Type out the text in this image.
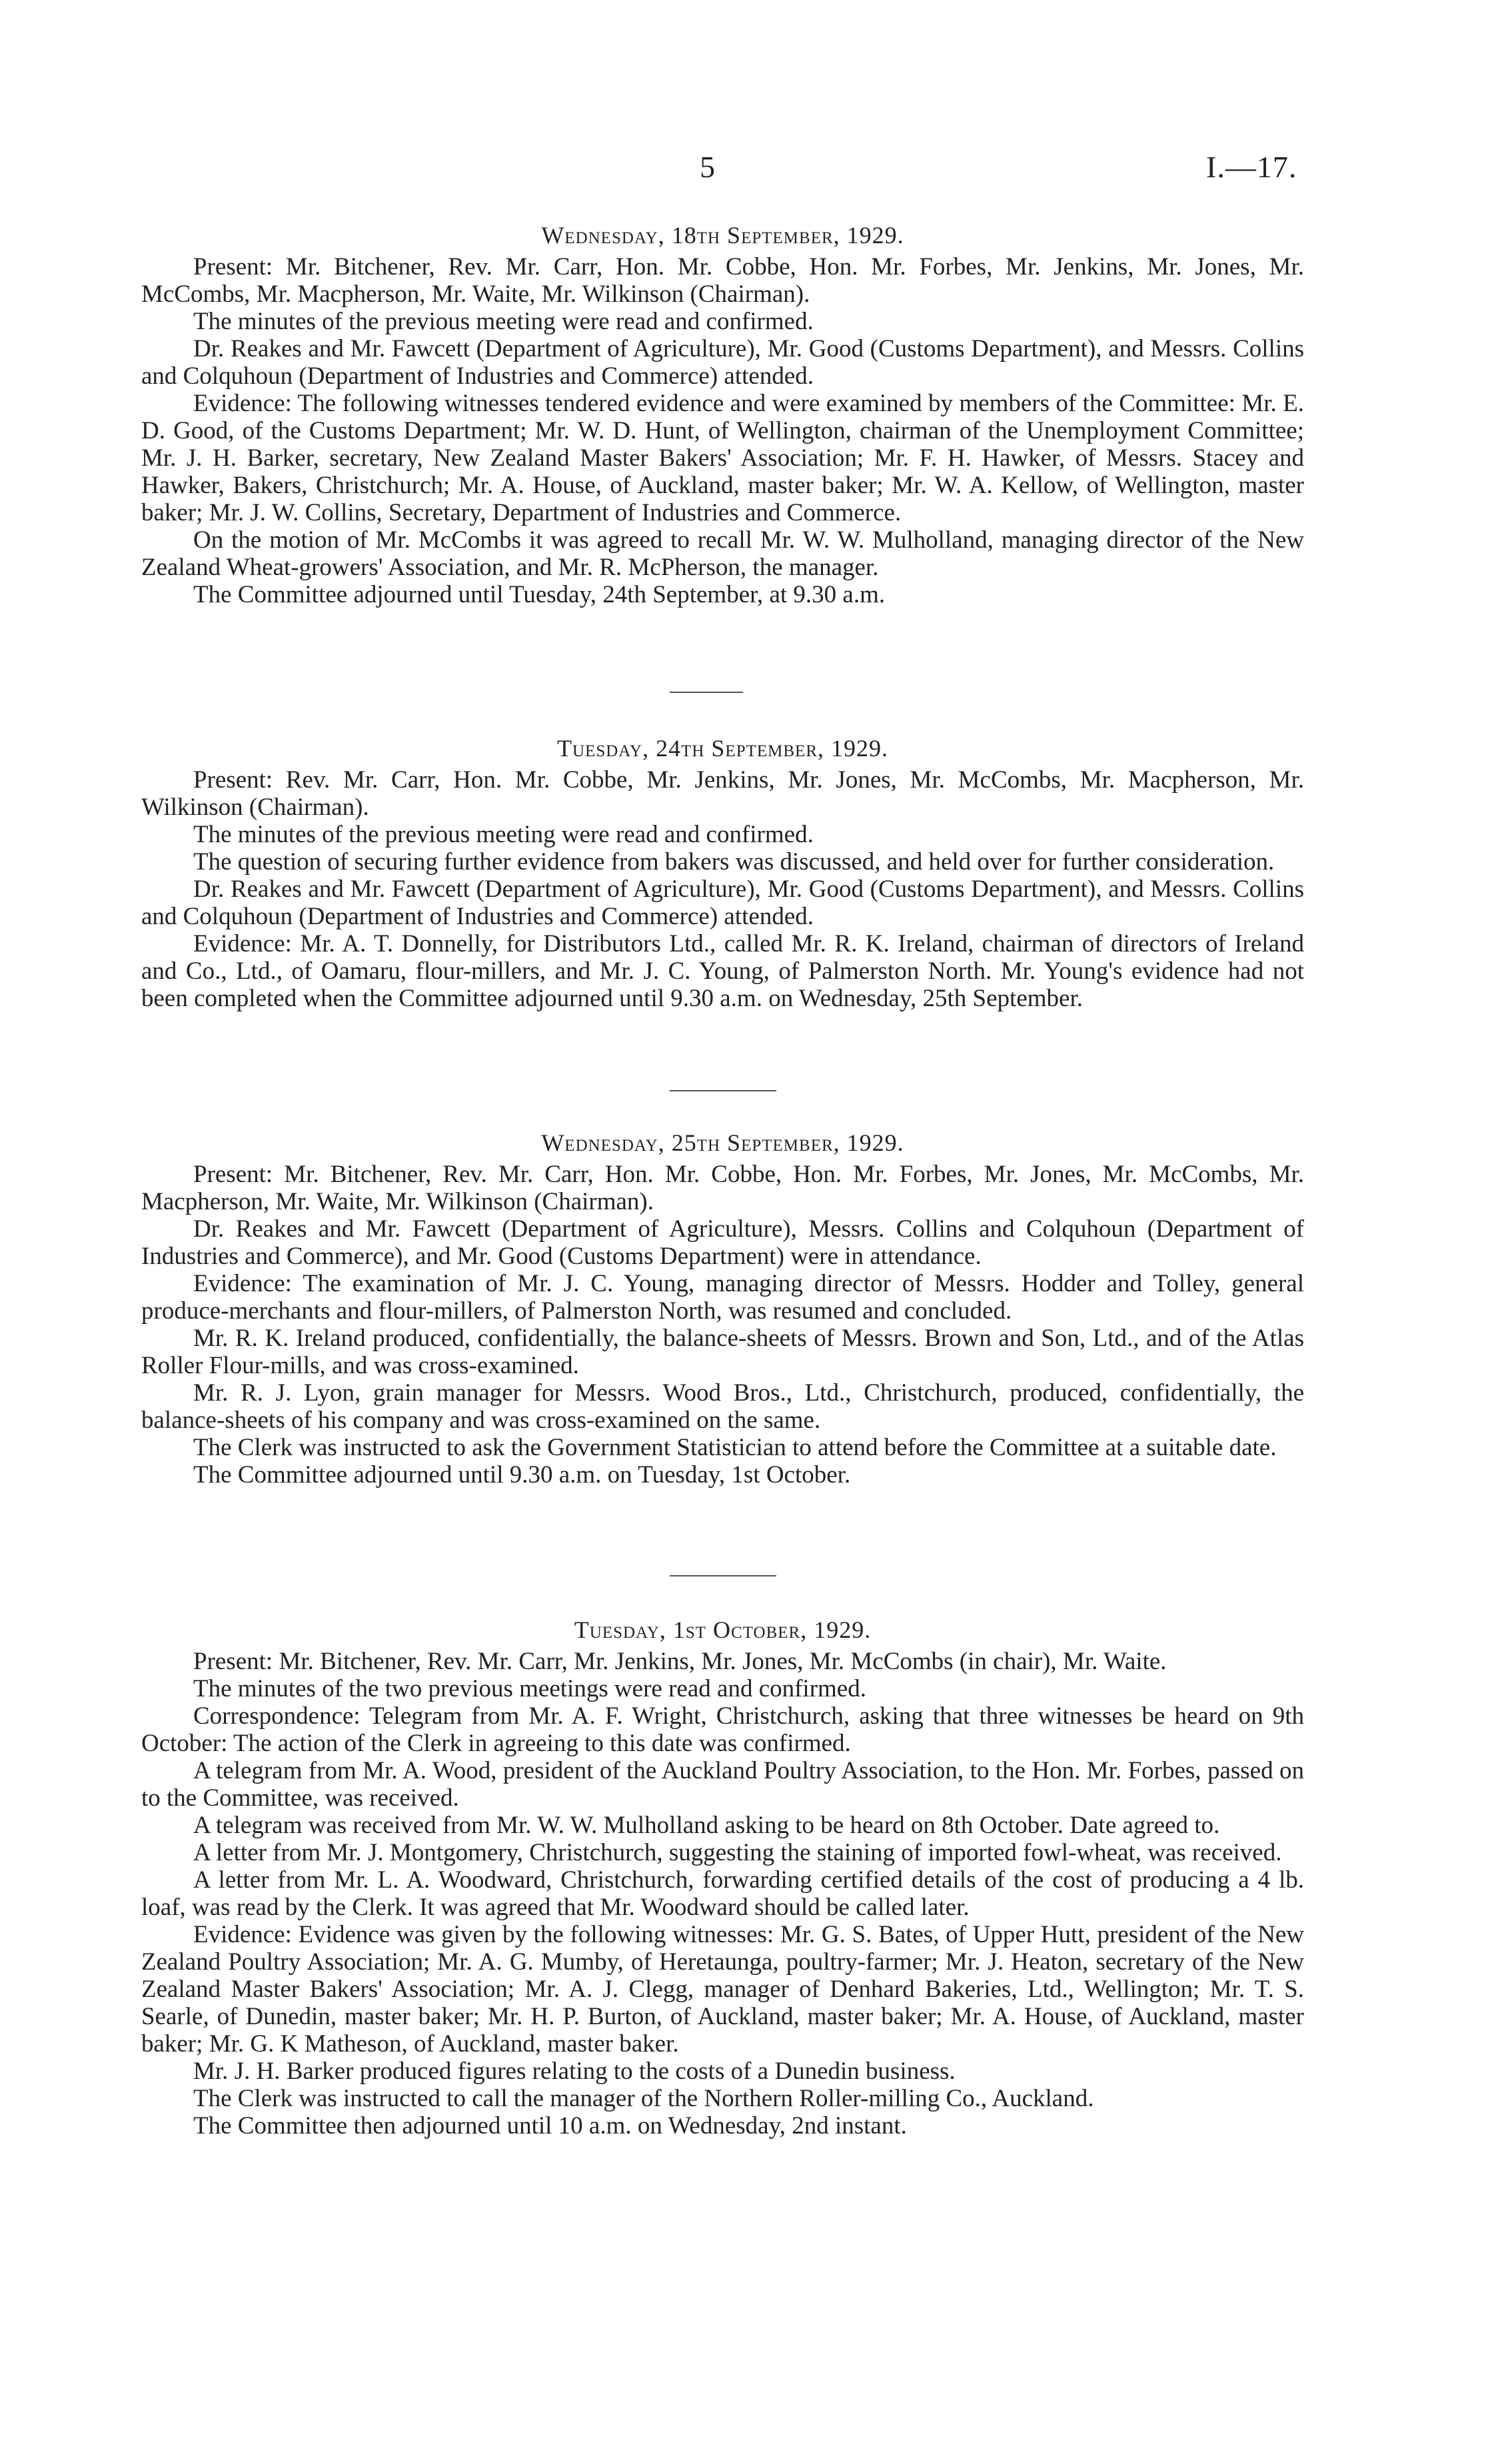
5	I.—17.
Wednesday, 18th September, 1929.

Present: Mr. Bitchener, Rev. Mr. Carr, Hon. Mr. Cobbe, Hon. Mr. Forbes, Mr. Jenkins, Mr. Jones, Mr. McCombs, Mr. Macpherson, Mr. Waite, Mr. Wilkinson (Chairman).

The minutes of the previous meeting were read and confirmed.

Dr. Reakes and Mr. Fawcett (Department of Agriculture), Mr. Good (Customs Department), and Messrs. Collins and Colquhoun (Department of Industries and Commerce) attended.

Evidence: The following witnesses tendered evidence and were examined by members of the Committee: Mr. E. D. Good, of the Customs Department; Mr. W. D. Hunt, of Wellington, chairman of the Unemployment Committee; Mr. J. H. Barker, secretary, New Zealand Master Bakers' Association; Mr. F. H. Hawker, of Messrs. Stacey and Hawker, Bakers, Christchurch; Mr. A. House, of Auckland, master baker; Mr. W. A. Kellow, of Wellington, master baker; Mr. J. W. Collins, Secretary, Department of Industries and Commerce.

On the motion of Mr. McCombs it was agreed to recall Mr. W. W. Mulholland, managing director of the New Zealand Wheat-growers' Association, and Mr. R. McPherson, the manager.

The Committee adjourned until Tuesday, 24th September, at 9.30 a.m.

Tuesday, 24th September, 1929.

Present: Rev. Mr. Carr, Hon. Mr. Cobbe, Mr. Jenkins, Mr. Jones, Mr. McCombs, Mr. Macpherson, Mr. Wilkinson (Chairman).

The minutes of the previous meeting were read and confirmed.

The question of securing further evidence from bakers was discussed, and held over for further consideration.

Dr. Reakes and Mr. Fawcett (Department of Agriculture), Mr. Good (Customs Department), and Messrs. Collins and Colquhoun (Department of Industries and Commerce) attended.

Evidence: Mr. A. T. Donnelly, for Distributors Ltd., called Mr. R. K. Ireland, chairman of directors of Ireland and Co., Ltd., of Oamaru, flour-millers, and Mr. J. C. Young, of Palmerston North. Mr. Young's evidence had not been completed when the Committee adjourned until 9.30 a.m. on Wednesday, 25th September.

Wednesday, 25th September, 1929.

Present: Mr. Bitchener, Rev. Mr. Carr, Hon. Mr. Cobbe, Hon. Mr. Forbes, Mr. Jones, Mr. McCombs, Mr. Macpherson, Mr. Waite, Mr. Wilkinson (Chairman).

Dr. Reakes and Mr. Fawcett (Department of Agriculture), Messrs. Collins and Colquhoun (Department of Industries and Commerce), and Mr. Good (Customs Department) were in attendance.

Evidence: The examination of Mr. J. C. Young, managing director of Messrs. Hodder and Tolley, general produce-merchants and flour-millers, of Palmerston North, was resumed and concluded.

Mr. R. K. Ireland produced, confidentially, the balance-sheets of Messrs. Brown and Son, Ltd., and of the Atlas Roller Flour-mills, and was cross-examined.

Mr. R. J. Lyon, grain manager for Messrs. Wood Bros., Ltd., Christchurch, produced, confidentially, the balance-sheets of his company and was cross-examined on the same.

The Clerk was instructed to ask the Government Statistician to attend before the Committee at a suitable date.

The Committee adjourned until 9.30 a.m. on Tuesday, 1st October.

Tuesday, 1st October, 1929.

Present: Mr. Bitchener, Rev. Mr. Carr, Mr. Jenkins, Mr. Jones, Mr. McCombs (in chair), Mr. Waite.

The minutes of the two previous meetings were read and confirmed.

Correspondence: Telegram from Mr. A. F. Wright, Christchurch, asking that three witnesses be heard on 9th October: The action of the Clerk in agreeing to this date was confirmed.

A telegram from Mr. A. Wood, president of the Auckland Poultry Association, to the Hon. Mr. Forbes, passed on to the Committee, was received.

A telegram was received from Mr. W. W. Mulholland asking to be heard on 8th October. Date agreed to.

A letter from Mr. J. Montgomery, Christchurch, suggesting the staining of imported fowl-wheat, was received.

A letter from Mr. L. A. Woodward, Christchurch, forwarding certified details of the cost of producing a 4 lb. loaf, was read by the Clerk. It was agreed that Mr. Woodward should be called later.

Evidence: Evidence was given by the following witnesses: Mr. G. S. Bates, of Upper Hutt, president of the New Zealand Poultry Association; Mr. A. G. Mumby, of Heretaunga, poultry-farmer; Mr. J. Heaton, secretary of the New Zealand Master Bakers' Association; Mr. A. J. Clegg, manager of Denhard Bakeries, Ltd., Wellington; Mr. T. S. Searle, of Dunedin, master baker; Mr. H. P. Burton, of Auckland, master baker; Mr. A. House, of Auckland, master baker; Mr. G. K Matheson, of Auckland, master baker.

Mr. J. H. Barker produced figures relating to the costs of a Dunedin business.

The Clerk was instructed to call the manager of the Northern Roller-milling Co., Auckland.

The Committee then adjourned until 10 a.m. on Wednesday, 2nd instant.
